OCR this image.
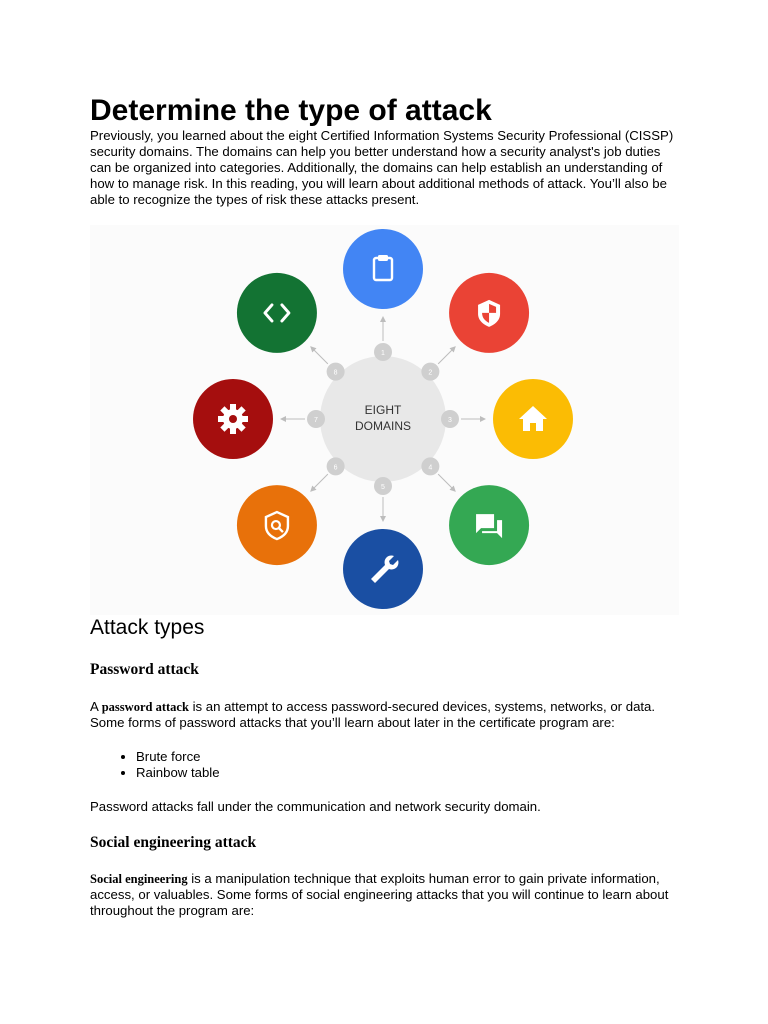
Determine the type of attack

Previously, you learned about the eight Certified Information Systems Security Professional (CISSP) security domains. The domains can help you better understand how a security analyst's job duties can be organized into categories. Additionally, the domains can help establish an understanding of how to manage risk. In this reading, you will learn about additional methods of attack. You’ll also be able to recognize the types of risk these attacks present.

EIGHT
DOMAINS
1
2
3
4
5
6
7
8
Attack types
Password attack

A password attack is an attempt to access password-secured devices, systems, networks, or data. Some forms of password attacks that you’ll learn about later in the certificate program are:

• Brute force
• Rainbow table

Password attacks fall under the communication and network security domain.

Social engineering attack

Social engineering is a manipulation technique that exploits human error to gain private information, access, or valuables. Some forms of social engineering attacks that you will continue to learn about throughout the program are:
